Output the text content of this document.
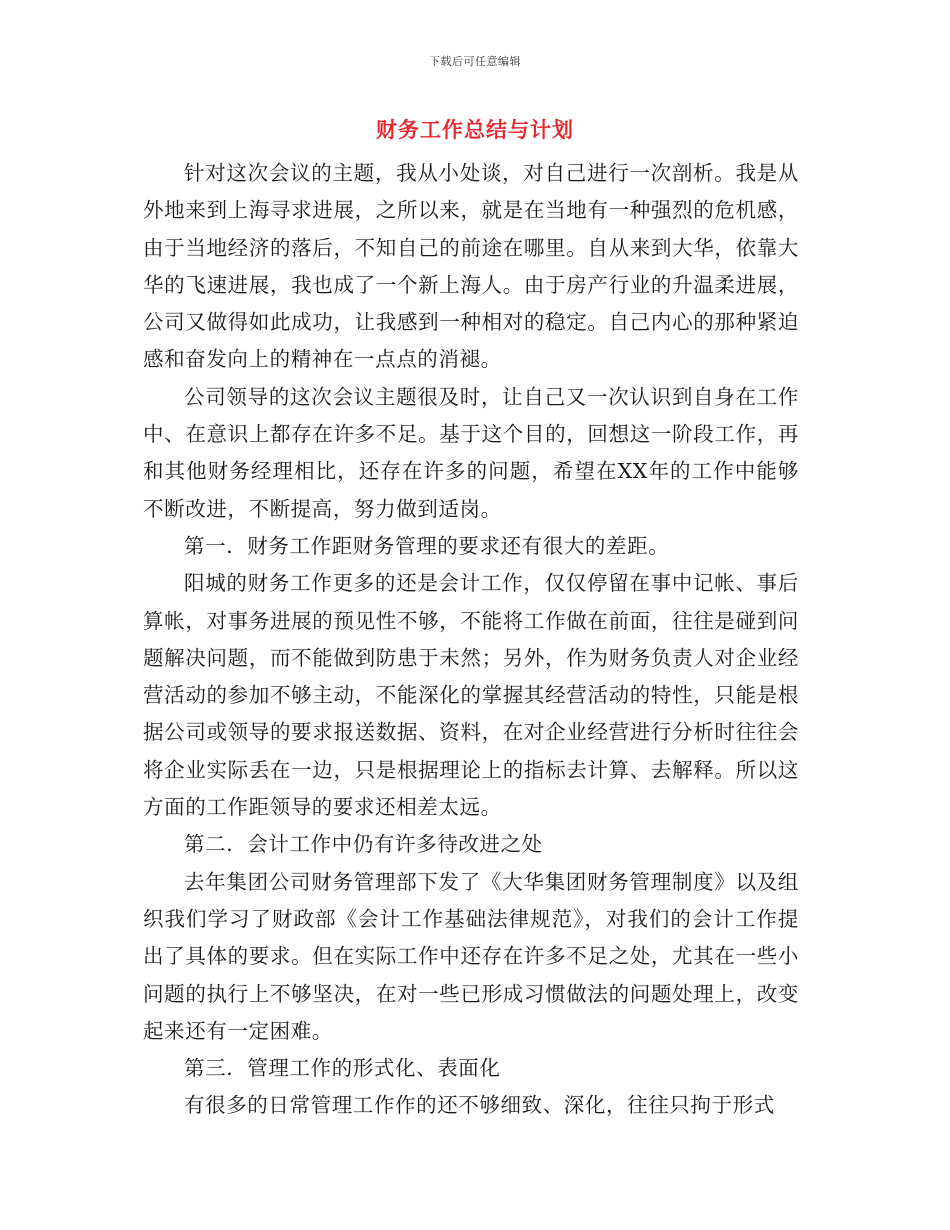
下载后可任意编辑
财务工作总结与计划

针对这次会议的主题，我从小处谈，对自己进行一次剖析。我是从外地来到上海寻求进展，之所以来，就是在当地有一种强烈的危机感，由于当地经济的落后，不知自己的前途在哪里。自从来到大华，依靠大华的飞速进展，我也成了一个新上海人。由于房产行业的升温柔进展，公司又做得如此成功，让我感到一种相对的稳定。自己内心的那种紧迫感和奋发向上的精神在一点点的消褪。

公司领导的这次会议主题很及时，让自己又一次认识到自身在工作中、在意识上都存在许多不足。基于这个目的，回想这一阶段工作，再和其他财务经理相比，还存在许多的问题，希望在XX年的工作中能够不断改进，不断提高，努力做到适岗。

第一．财务工作距财务管理的要求还有很大的差距。

阳城的财务工作更多的还是会计工作，仅仅停留在事中记帐、事后算帐，对事务进展的预见性不够，不能将工作做在前面，往往是碰到问题解决问题，而不能做到防患于未然；另外，作为财务负责人对企业经营活动的参加不够主动，不能深化的掌握其经营活动的特性，只能是根据公司或领导的要求报送数据、资料，在对企业经营进行分析时往往会将企业实际丢在一边，只是根据理论上的指标去计算、去解释。所以这方面的工作距领导的要求还相差太远。

第二．会计工作中仍有许多待改进之处

去年集团公司财务管理部下发了《大华集团财务管理制度》以及组织我们学习了财政部《会计工作基础法律规范》，对我们的会计工作提出了具体的要求。但在实际工作中还存在许多不足之处，尤其在一些小问题的执行上不够坚决，在对一些已形成习惯做法的问题处理上，改变起来还有一定困难。

第三．管理工作的形式化、表面化

有很多的日常管理工作作的还不够细致、深化，往往只拘于形式
